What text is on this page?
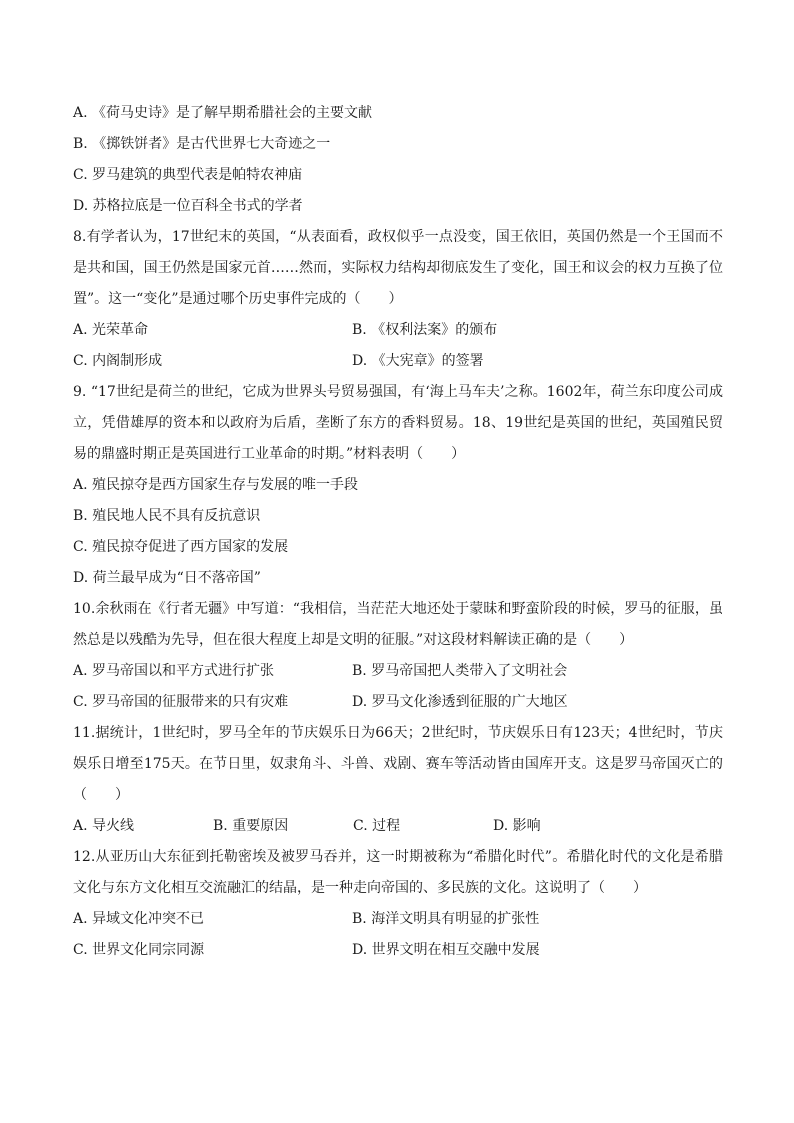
A. 《荷马史诗》是了解早期希腊社会的主要文献
B. 《掷铁饼者》是古代世界七大奇迹之一
C. 罗马建筑的典型代表是帕特农神庙
D. 苏格拉底是一位百科全书式的学者
8.有学者认为，17世纪末的英国，“从表面看，政权似乎一点没变，国王依旧，英国仍然是一个王国而不是共和国，国王仍然是国家元首……然而，实际权力结构却彻底发生了变化，国王和议会的权力互换了位置”。这一“变化”是通过哪个历史事件完成的（　　）
A. 光荣革命	B. 《权利法案》的颁布
C. 内阁制形成	D. 《大宪章》的签署
9. “17世纪是荷兰的世纪，它成为世界头号贸易强国，有‘海上马车夫’之称。1602年，荷兰东印度公司成立，凭借雄厚的资本和以政府为后盾，垄断了东方的香料贸易。18、19世纪是英国的世纪，英国殖民贸易的鼎盛时期正是英国进行工业革命的时期。”材料表明（　　）
A. 殖民掠夺是西方国家生存与发展的唯一手段
B. 殖民地人民不具有反抗意识
C. 殖民掠夺促进了西方国家的发展
D. 荷兰最早成为“日不落帝国”
10.余秋雨在《行者无疆》中写道：“我相信，当茫茫大地还处于蒙昧和野蛮阶段的时候，罗马的征服，虽然总是以残酷为先导，但在很大程度上却是文明的征服。”对这段材料解读正确的是（　　）
A. 罗马帝国以和平方式进行扩张	B. 罗马帝国把人类带入了文明社会
C. 罗马帝国的征服带来的只有灾难	D. 罗马文化渗透到征服的广大地区
11.据统计，1世纪时，罗马全年的节庆娱乐日为66天；2世纪时，节庆娱乐日有123天；4世纪时，节庆娱乐日增至175天。在节日里，奴隶角斗、斗兽、戏剧、赛车等活动皆由国库开支。这是罗马帝国灭亡的（　　）
A. 导火线	B. 重要原因	C. 过程	D. 影响
12.从亚历山大东征到托勒密埃及被罗马吞并，这一时期被称为“希腊化时代”。希腊化时代的文化是希腊文化与东方文化相互交流融汇的结晶，是一种走向帝国的、多民族的文化。这说明了（　　）
A. 异域文化冲突不已	B. 海洋文明具有明显的扩张性
C. 世界文化同宗同源	D. 世界文明在相互交融中发展
